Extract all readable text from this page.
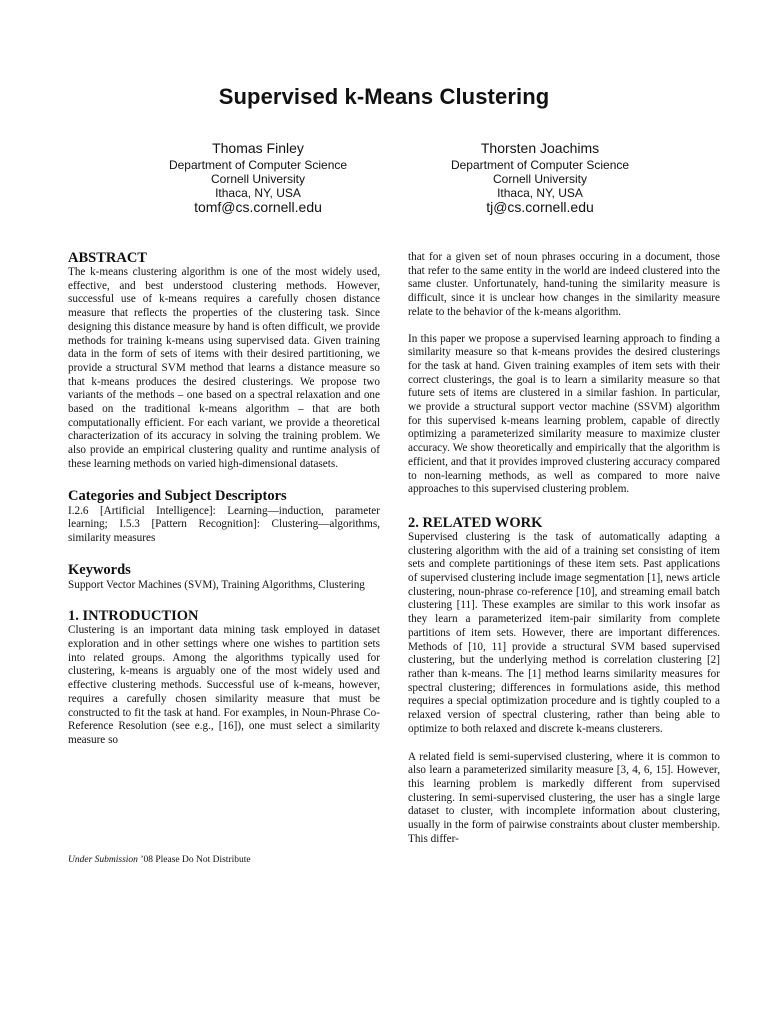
Supervised k-Means Clustering
Thomas Finley
Department of Computer Science
Cornell University
Ithaca, NY, USA
tomf@cs.cornell.edu
Thorsten Joachims
Department of Computer Science
Cornell University
Ithaca, NY, USA
tj@cs.cornell.edu
ABSTRACT

The k-means clustering algorithm is one of the most widely used, effective, and best understood clustering methods. However, successful use of k-means requires a carefully chosen distance measure that reflects the properties of the clustering task. Since designing this distance measure by hand is often difficult, we provide methods for training k-means using supervised data. Given training data in the form of sets of items with their desired partitioning, we provide a structural SVM method that learns a distance measure so that k-means produces the desired clusterings. We propose two variants of the methods – one based on a spectral relaxation and one based on the traditional k-means algorithm – that are both computationally efficient. For each variant, we provide a theoretical characterization of its accuracy in solving the training problem. We also provide an empirical clustering quality and runtime analysis of these learning methods on varied high-dimensional datasets.

Categories and Subject Descriptors

I.2.6 [Artificial Intelligence]: Learning—induction, parameter learning; I.5.3 [Pattern Recognition]: Clustering—algorithms, similarity measures

Keywords

Support Vector Machines (SVM), Training Algorithms, Clustering

1. INTRODUCTION

Clustering is an important data mining task employed in dataset exploration and in other settings where one wishes to partition sets into related groups. Among the algorithms typically used for clustering, k-means is arguably one of the most widely used and effective clustering methods. Successful use of k-means, however, requires a carefully chosen similarity measure that must be constructed to fit the task at hand. For examples, in Noun-Phrase Co-Reference Resolution (see e.g., [16]), one must select a similarity measure so

that for a given set of noun phrases occuring in a document, those that refer to the same entity in the world are indeed clustered into the same cluster. Unfortunately, hand-tuning the similarity measure is difficult, since it is unclear how changes in the similarity measure relate to the behavior of the k-means algorithm.

In this paper we propose a supervised learning approach to finding a similarity measure so that k-means provides the desired clusterings for the task at hand. Given training examples of item sets with their correct clusterings, the goal is to learn a similarity measure so that future sets of items are clustered in a similar fashion. In particular, we provide a structural support vector machine (SSVM) algorithm for this supervised k-means learning problem, capable of directly optimizing a parameterized similarity measure to maximize cluster accuracy. We show theoretically and empirically that the algorithm is efficient, and that it provides improved clustering accuracy compared to non-learning methods, as well as compared to more naive approaches to this supervised clustering problem.

2. RELATED WORK

Supervised clustering is the task of automatically adapting a clustering algorithm with the aid of a training set consisting of item sets and complete partitionings of these item sets. Past applications of supervised clustering include image segmentation [1], news article clustering, noun-phrase co-reference [10], and streaming email batch clustering [11]. These examples are similar to this work insofar as they learn a parameterized item-pair similarity from complete partitions of item sets. However, there are important differences. Methods of [10, 11] provide a structural SVM based supervised clustering, but the underlying method is correlation clustering [2] rather than k-means. The [1] method learns similarity measures for spectral clustering; differences in formulations aside, this method requires a special optimization procedure and is tightly coupled to a relaxed version of spectral clustering, rather than being able to optimize to both relaxed and discrete k-means clusterers.

A related field is semi-supervised clustering, where it is common to also learn a parameterized similarity measure [3, 4, 6, 15]. However, this learning problem is markedly different from supervised clustering. In semi-supervised clustering, the user has a single large dataset to cluster, with incomplete information about clustering, usually in the form of pairwise constraints about cluster membership. This differ-

Under Submission ’08 Please Do Not Distribute
